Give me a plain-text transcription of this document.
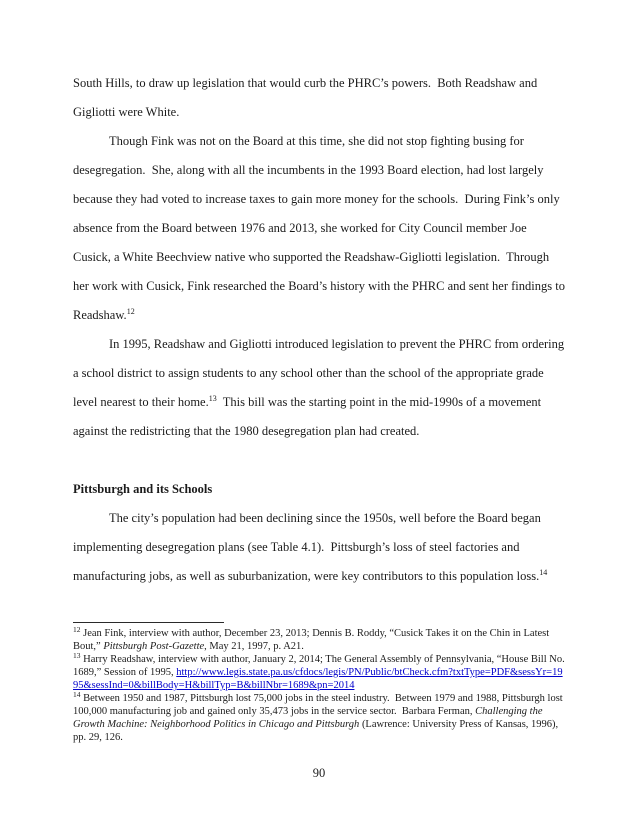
South Hills, to draw up legislation that would curb the PHRC’s powers.  Both Readshaw and Gigliotti were White.

Though Fink was not on the Board at this time, she did not stop fighting busing for desegregation.  She, along with all the incumbents in the 1993 Board election, had lost largely because they had voted to increase taxes to gain more money for the schools.  During Fink’s only absence from the Board between 1976 and 2013, she worked for City Council member Joe Cusick, a White Beechview native who supported the Readshaw-Gigliotti legislation.  Through her work with Cusick, Fink researched the Board’s history with the PHRC and sent her findings to Readshaw.$^{12}$

In 1995, Readshaw and Gigliotti introduced legislation to prevent the PHRC from ordering a school district to assign students to any school other than the school of the appropriate grade level nearest to their home.$^{13}$  This bill was the starting point in the mid-1990s of a movement against the redistricting that the 1980 desegregation plan had created.

Pittsburgh and its Schools

The city’s population had been declining since the 1950s, well before the Board began implementing desegregation plans (see Table 4.1).  Pittsburgh’s loss of steel factories and manufacturing jobs, as well as suburbanization, were key contributors to this population loss.$^{14}$

$^{12}$ Jean Fink, interview with author, December 23, 2013; Dennis B. Roddy, “Cusick Takes it on the Chin in Latest Bout,” Pittsburgh Post-Gazette, May 21, 1997, p. A21.

$^{13}$ Harry Readshaw, interview with author, January 2, 2014; The General Assembly of Pennsylvania, “House Bill No. 1689,” Session of 1995, http://www.legis.state.pa.us/cfdocs/legis/PN/Public/btCheck.cfm?txtType=PDF&sessYr=1995&sessInd=0&billBody=H&billTyp=B&billNbr=1689&pn=2014

$^{14}$ Between 1950 and 1987, Pittsburgh lost 75,000 jobs in the steel industry.  Between 1979 and 1988, Pittsburgh lost 100,000 manufacturing job and gained only 35,473 jobs in the service sector.  Barbara Ferman, Challenging the Growth Machine: Neighborhood Politics in Chicago and Pittsburgh (Lawrence: University Press of Kansas, 1996), pp. 29, 126.

90
